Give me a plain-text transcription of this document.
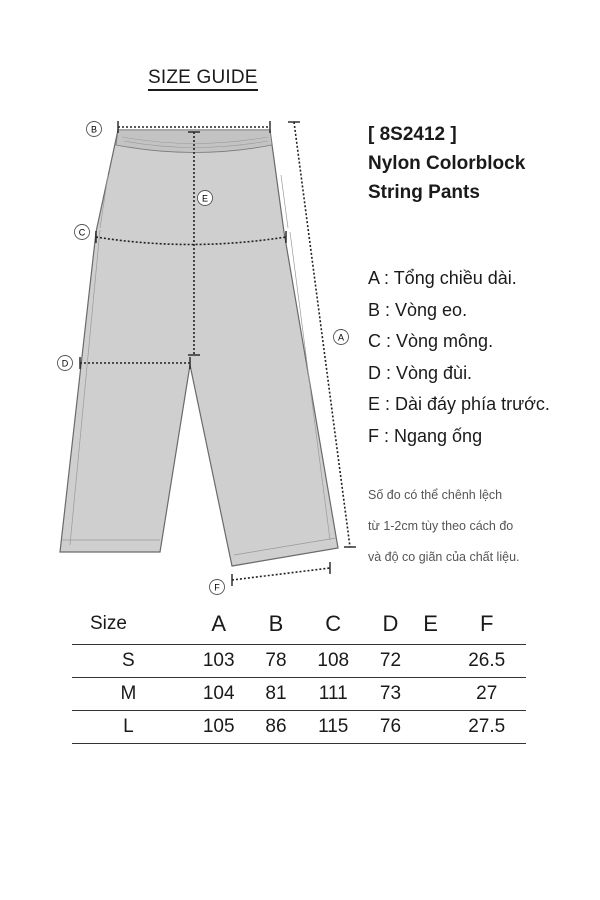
SIZE GUIDE
B
C
D
E
A
F
[ 8S2412 ]
Nylon Colorblock
String Pants
A : Tổng chiều dài.
B : Vòng eo.
C : Vòng mông.
D : Vòng đùi.
E : Dài đáy phía trước.
F : Ngang ống
Số đo có thể chênh lệch
từ 1-2cm tùy theo cách đo
và độ co giãn của chất liệu.
Size	A	B	C	D	E	F
S	103	78	108	72		26.5
M	104	81	111	73		27
L	105	86	115	76		27.5
